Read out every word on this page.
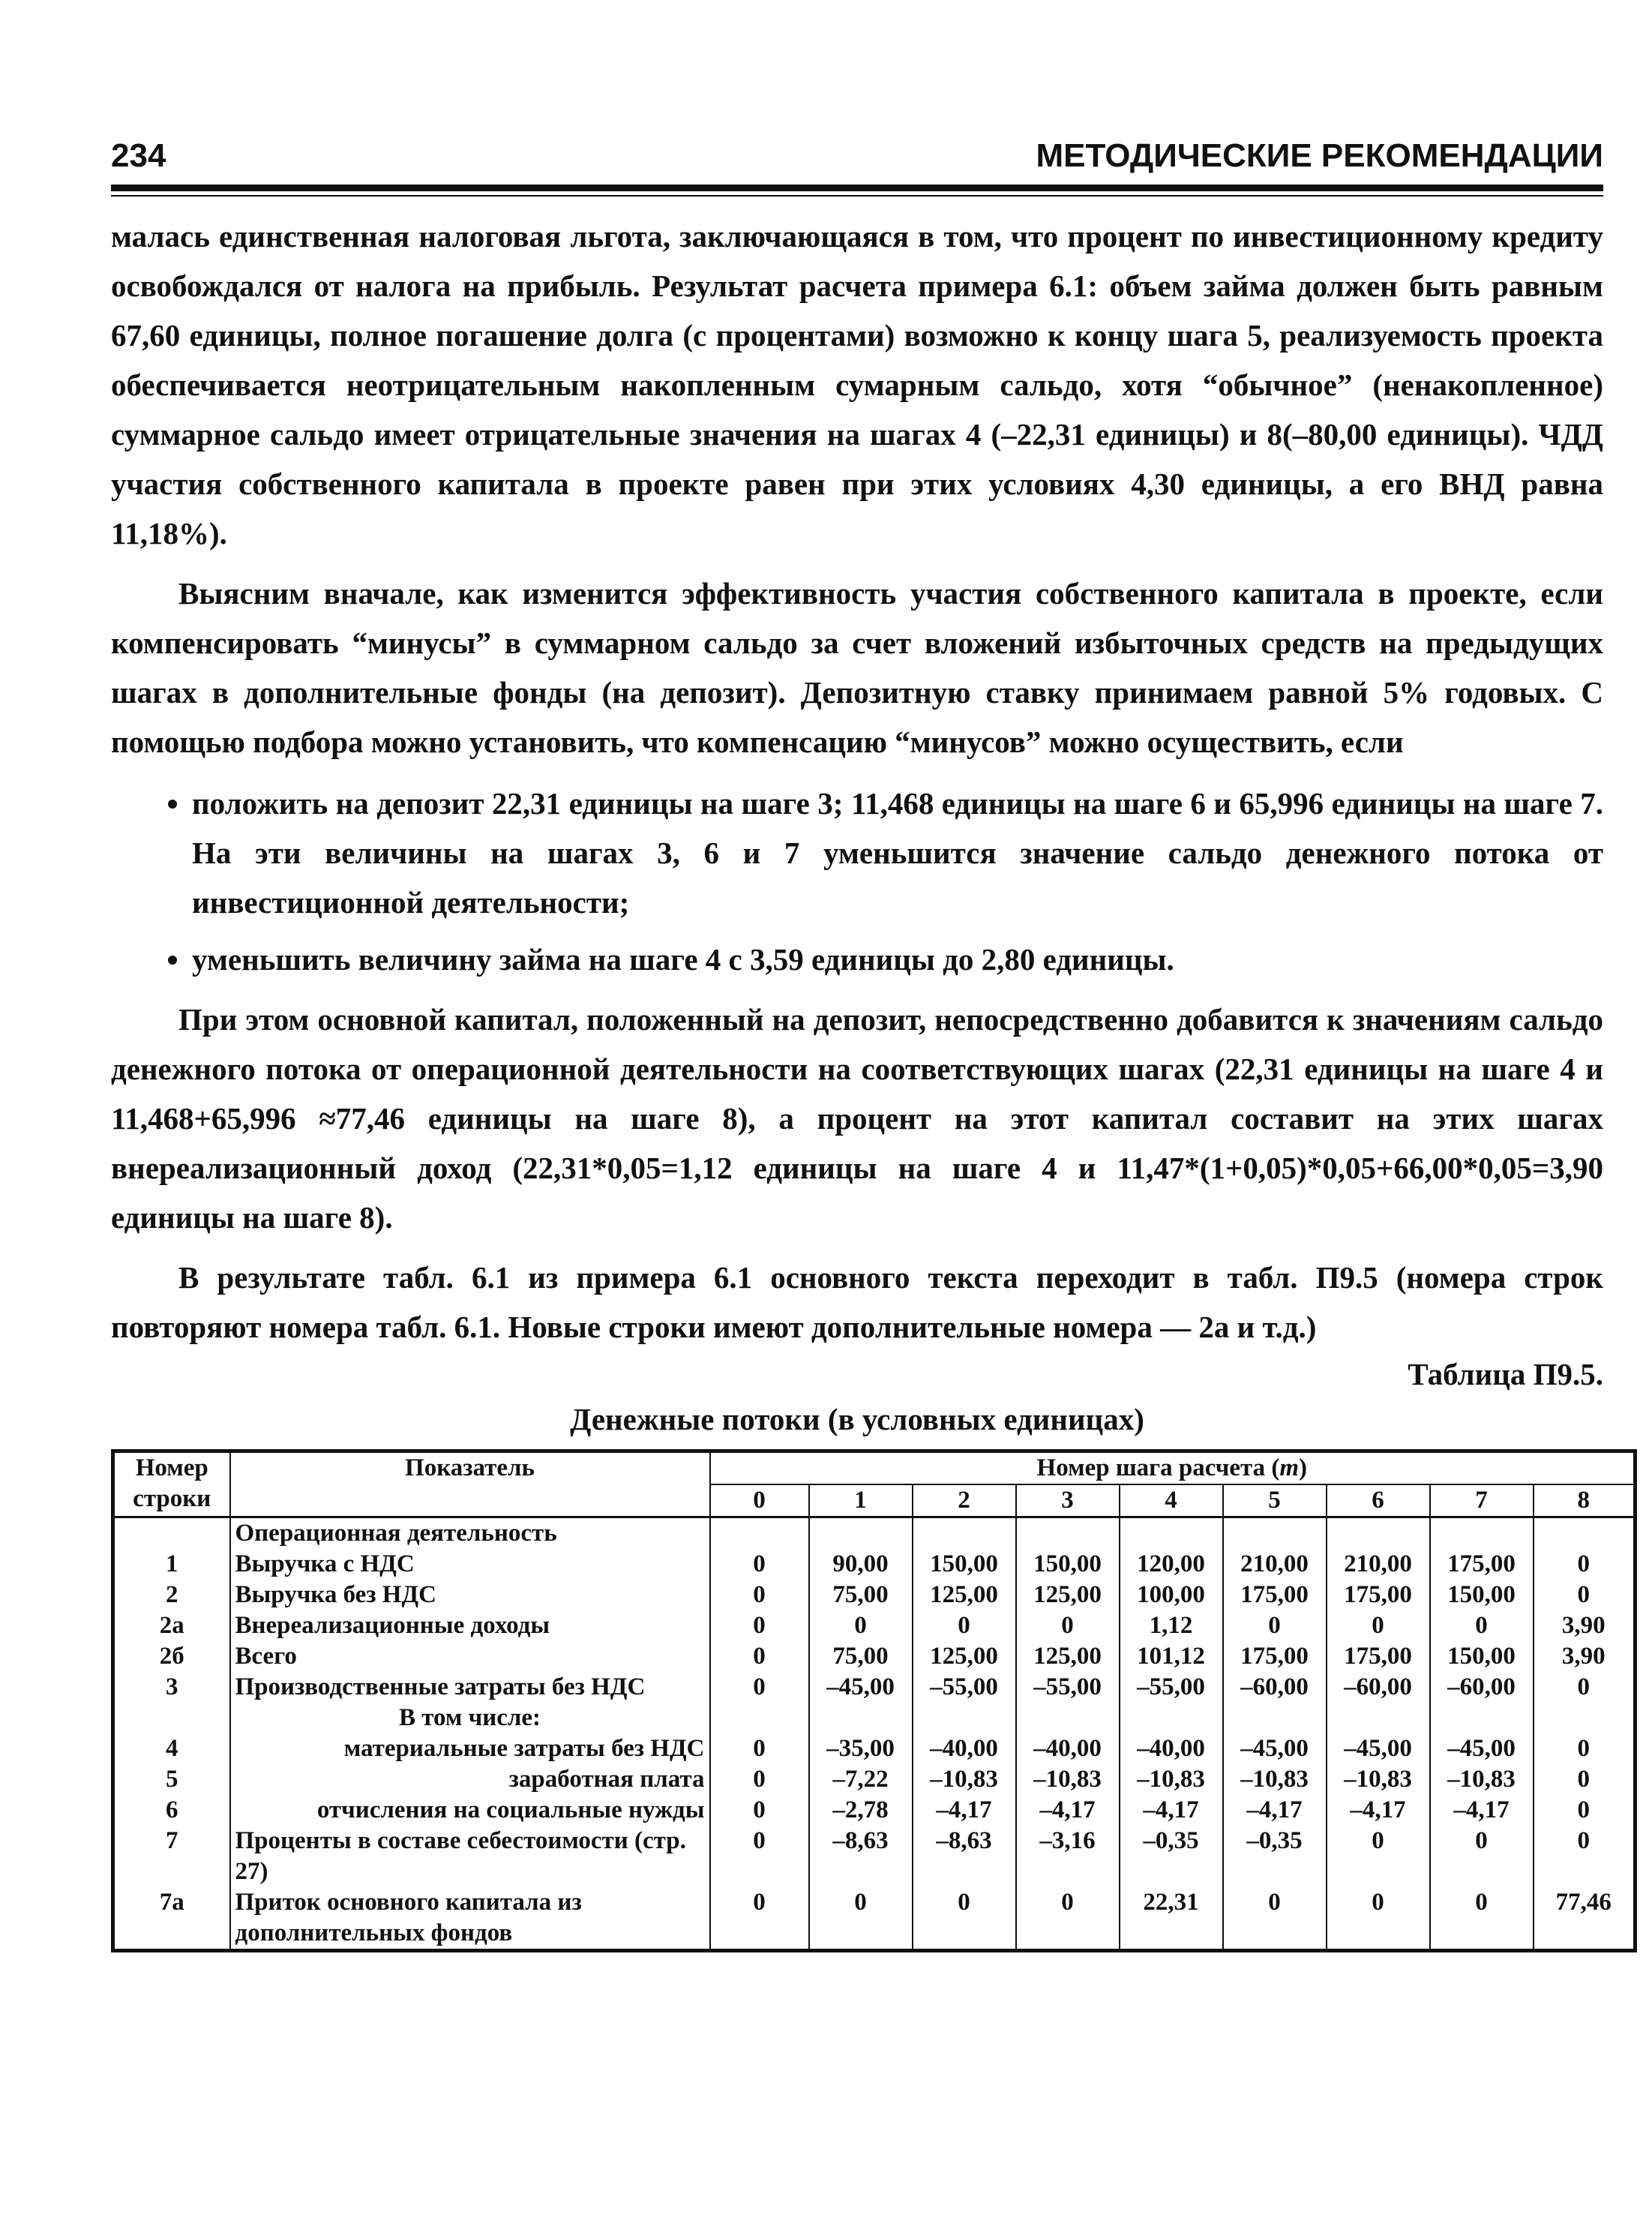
234	МЕТОДИЧЕСКИЕ РЕКОМЕНДАЦИИ

малась единственная налоговая льгота, заключающаяся в том, что процент по инвестиционному кредиту освобождался от налога на прибыль. Результат расчета примера 6.1: объем займа должен быть равным 67,60 единицы, полное погашение долга (с процентами) возможно к концу шага 5, реализуемость проекта обеспечивается неотрицательным накопленным сумарным сальдо, хотя “обычное” (ненакопленное) суммарное сальдо имеет отрицательные значения на шагах 4 (–22,31 единицы) и 8(–80,00 единицы). ЧДД участия собственного капитала в проекте равен при этих условиях 4,30 единицы, а его ВНД равна 11,18%).

Выясним вначале, как изменится эффективность участия собственного капитала в проекте, если компенсировать “минусы” в суммарном сальдо за счет вложений избыточных средств на предыдущих шагах в дополнительные фонды (на депозит). Депозитную ставку принимаем равной 5% годовых. С помощью подбора можно установить, что компенсацию “минусов” можно осуществить, если

положить на депозит 22,31 единицы на шаге 3; 11,468 единицы на шаге 6 и 65,996 единицы на шаге 7. На эти величины на шагах 3, 6 и 7 уменьшится значение сальдо денежного потока от инвестиционной деятельности;
уменьшить величину займа на шаге 4 с 3,59 единицы до 2,80 единицы.

При этом основной капитал, положенный на депозит, непосредственно добавится к значениям сальдо денежного потока от операционной деятельности на соответствующих шагах (22,31 единицы на шаге 4 и 11,468+65,996 ≈77,46 единицы на шаге 8), а процент на этот капитал составит на этих шагах внереализационный доход (22,31*0,05=1,12 единицы на шаге 4 и 11,47*(1+0,05)*0,05+66,00*0,05=3,90 единицы на шаге 8).

В результате табл. 6.1 из примера 6.1 основного текста переходит в табл. П9.5 (номера строк повторяют номера табл. 6.1. Новые строки имеют дополнительные номера — 2а и т.д.)

Таблица П9.5.
Денежные потоки (в условных единицах)
Номер строки	Показатель	Номер шага расчета (m)								
		0	1	2	3	4	5	6	7	8
	Операционная деятельность									
1	Выручка с НДС	0	90,00	150,00	150,00	120,00	210,00	210,00	175,00	0
2	Выручка без НДС	0	75,00	125,00	125,00	100,00	175,00	175,00	150,00	0
2а	Внереализационные доходы	0	0	0	0	1,12	0	0	0	3,90
2б	Всего	0	75,00	125,00	125,00	101,12	175,00	175,00	150,00	3,90
3	Производственные затраты без НДС	0	–45,00	–55,00	–55,00	–55,00	–60,00	–60,00	–60,00	0
	В том числе:									
4	материальные затраты без НДС	0	–35,00	–40,00	–40,00	–40,00	–45,00	–45,00	–45,00	0
5	заработная плата	0	–7,22	–10,83	–10,83	–10,83	–10,83	–10,83	–10,83	0
6	отчисления на социальные нужды	0	–2,78	–4,17	–4,17	–4,17	–4,17	–4,17	–4,17	0
7	Проценты в составе себестоимости (стр. 27)	0	–8,63	–8,63	–3,16	–0,35	–0,35	0	0	0
7а	Приток основного капитала из дополнительных фондов	0	0	0	0	22,31	0	0	0	77,46
